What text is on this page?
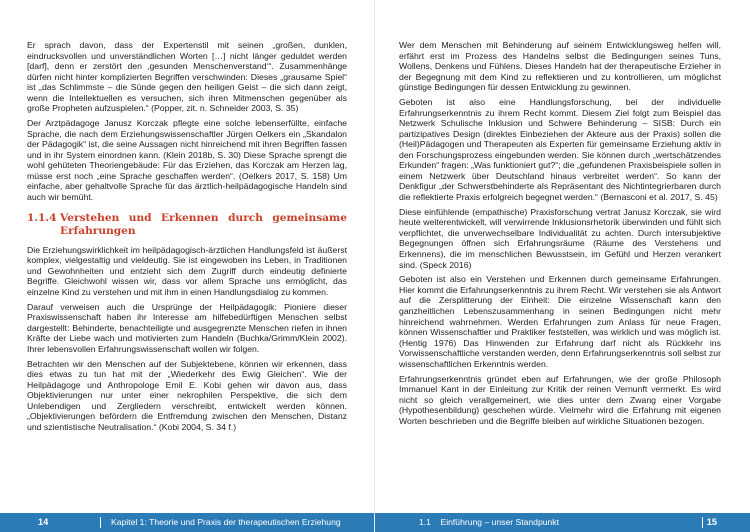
Er sprach davon, dass der Expertenstil mit seinen „großen, dunklen, eindrucksvollen und unverständlichen Worten […] nicht länger geduldet werden [darf], denn er zerstört den ‚gesunden Menschenverstand‘“. Zusammenhänge dürfen nicht hinter komplizierten Begriffen verschwinden: Dieses „grausame Spiel“ ist „das Schlimmste – die Sünde gegen den heiligen Geist – die sich dann zeigt, wenn die Intellektuellen es versuchen, sich ihren Mitmenschen gegenüber als große Propheten aufzuspielen.“ (Popper, zit. n. Schneider 2003, S. 35)

Der Arztpädagoge Janusz Korczak pflegte eine solche lebenserfüllte, einfache Sprache, die nach dem Erziehungswissenschaftler Jürgen Oelkers ein „Skandalon der Pädagogik“ ist, die seine Aussagen nicht hinreichend mit ihren Begriffen fassen und in ihr System einordnen kann. (Klein 2018b, S. 30) Diese Sprache sprengt die wohl gehüteten Theoriengebäude: Für das Erziehen, das Korczak am Herzen lag, müsse erst noch „eine Sprache geschaffen werden“. (Oelkers 2017, S. 158) Um einfache, aber gehaltvolle Sprache für das ärztlich-heilpädagogische Handeln sind auch wir bemüht.

1.1.4 Verstehen und Erkennen durch gemeinsame Erfahrungen

Die Erziehungswirklichkeit im heilpädagogisch-ärztlichen Handlungsfeld ist äußerst komplex, vielgestaltig und vieldeutig. Sie ist eingewoben ins Leben, in Traditionen und Gewohnheiten und entzieht sich dem Zugriff durch eindeutig definierte Begriffe. Gleichwohl wissen wir, dass vor allem Sprache uns ermöglicht, das einzelne Kind zu verstehen und mit ihm in einen Handlungsdialog zu kommen.

Darauf verweisen auch die Ursprünge der Heilpädagogik: Pioniere dieser Praxiswissenschaft haben ihr Interesse am hilfebedürftigen Menschen selbst dargestellt: Behinderte, benachteiligte und ausgegrenzte Menschen riefen in ihnen Kräfte der Liebe wach und motivierten zum Handeln (Buchka/Grimm/Klein 2002). Ihrer lebensvollen Erfahrungswissenschaft wollen wir folgen.

Betrachten wir den Menschen auf der Subjektebene, können wir erkennen, dass dies etwas zu tun hat mit der „Wiederkehr des Ewig Gleichen“. Wie der Heilpädagoge und Anthropologe Emil E. Kobi gehen wir davon aus, dass Objektivierungen nur unter einer nekrophilen Perspektive, die sich dem Unlebendigen und Zergliedern verschreibt, entwickelt werden können. „Objektivierungen befördern die Entfremdung zwischen den Menschen, Distanz und szientistische Neutralisation.“ (Kobi 2004, S. 34 f.)

14	Kapitel 1: Theorie und Praxis der therapeutischen Erziehung

Wer dem Menschen mit Behinderung auf seinem Entwicklungsweg helfen will, erfährt erst im Prozess des Handelns selbst die Bedingungen seines Tuns, Wollens, Denkens und Fühlens. Dieses Handeln hat der therapeutische Erzieher in der Begegnung mit dem Kind zu reflektieren und zu kontrollieren, um möglichst günstige Bedingungen für dessen Entwicklung zu gewinnen.

Geboten ist also eine Handlungsforschung, bei der individuelle Erfahrungserkenntnis zu ihrem Recht kommt. Diesem Ziel folgt zum Beispiel das Netzwerk Schulische Inklusion und Schwere Behinderung – SISB: Durch ein partizipatives Design (direktes Einbeziehen der Akteure aus der Praxis) sollen die (Heil)Pädagogen und Therapeuten als Experten für gemeinsame Erziehung aktiv in den Forschungsprozess eingebunden werden. Sie können durch „wertschätzendes Erkunden“ fragen: „Was funktioniert gut?“; die „gefundenen Praxisbeispiele sollen in einem Netzwerk über Deutschland hinaus verbreitet werden“. So kann der Denkfigur „der Schwerstbehinderte als Repräsentant des Nichtintegrierbaren durch die reflektierte Praxis erfolgreich begegnet werden.“ (Bernasconi et al. 2017, S. 45)

Diese einfühlende (empathische) Praxisforschung vertrat Janusz Korczak, sie wird heute weiterentwickelt, will verwirrende Inklusionsrhetorik überwinden und fühlt sich verpflichtet, die unverwechselbare Individualität zu achten. Durch intersubjektive Begegnungen öffnen sich Erfahrungsräume (Räume des Verstehens und Erkennens), die im menschlichen Bewusstsein, im Gefühl und Herzen verankert sind. (Speck 2016)

Geboten ist also ein Verstehen und Erkennen durch gemeinsame Erfahrungen. Hier kommt die Erfahrungserkenntnis zu ihrem Recht. Wir verstehen sie als Antwort auf die Zersplitterung der Einheit: Die einzelne Wissenschaft kann den ganzheitlichen Lebenszusammenhang in seinen Bedingungen nicht mehr hinreichend wahrnehmen. Werden Erfahrungen zum Anlass für neue Fragen, können Wissenschaftler und Praktiker feststellen, was wirklich und was möglich ist. (Hentig 1976) Das Hinwenden zur Erfahrung darf nicht als Rückkehr ins Vorwissenschaftliche verstanden werden, denn Erfahrungserkenntnis soll selbst zur wissenschaftlichen Erkenntnis werden.

Erfahrungserkenntnis gründet eben auf Erfahrungen, wie der große Philosoph Immanuel Kant in der Einleitung zur Kritik der reinen Vernunft vermerkt. Es wird nicht so gleich verallgemeinert, wie dies unter dem Zwang einer Vorgabe (Hypothesenbildung) geschehen würde. Vielmehr wird die Erfahrung mit eigenen Worten beschrieben und die Begriffe bleiben auf wirkliche Situationen bezogen.

1.1    Einführung – unser Standpunkt	15
